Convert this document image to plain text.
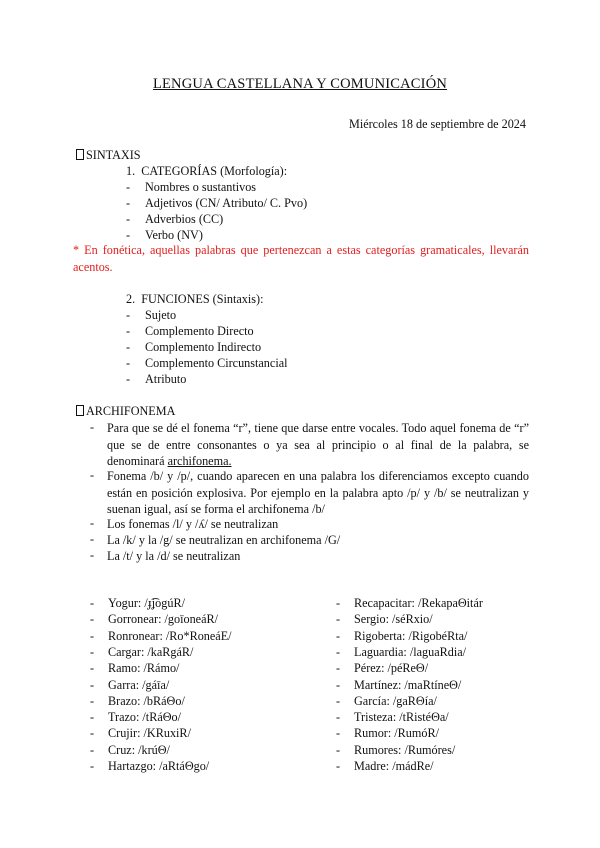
LENGUA CASTELLANA Y COMUNICACIÓN
Miércoles 18 de septiembre de 2024
SINTAXIS
1. CATEGORÍAS (Morfología):
- Nombres o sustantivos
- Adjetivos (CN/ Atributo/ C. Pvo)
- Adverbios (CC)
- Verbo (NV)
* En fonética, aquellas palabras que pertenezcan a estas categorías gramaticales, llevarán acentos.
2. FUNCIONES (Sintaxis):
- Sujeto
- Complemento Directo
- Complemento Indirecto
- Complemento Circunstancial
- Atributo
ARCHIFONEMA
- Para que se dé el fonema “r”, tiene que darse entre vocales. Todo aquel fonema de “r” que se de entre consonantes o ya sea al principio o al final de la palabra, se denominará archifonema.
- Fonema /b/ y /p/, cuando aparecen en una palabra los diferenciamos excepto cuando están en posición explosiva. Por ejemplo en la palabra apto /p/ y /b/ se neutralizan y suenan igual, así se forma el archifonema /b/
- Los fonemas /l/ y /ʎ/ se neutralizan
- La /k/ y la /g/ se neutralizan en archifonema /G/
- La /t/ y la /d/ se neutralizan
- Yogur: /ɟ͡ʝogúR/
- Gorronear: /goīoneáR/
- Ronronear: /Ro*RoneáE/
- Cargar: /kaRgáR/
- Ramo: /Rámo/
- Garra: /gáīa/
- Brazo: /bRáΘo/
- Trazo: /tRáΘo/
- Crujir: /KRuxiR/
- Cruz: /krúΘ/
- Hartazgo: /aRtáΘgo/
- Recapacitar: /RekapaΘitár
- Sergio: /séRxio/
- Rigoberta: /RigobéRta/
- Laguardia: /laguaRdia/
- Pérez: /péReΘ/
- Martínez: /maRtíneΘ/
- García: /gaRΘía/
- Tristeza: /tRistéΘa/
- Rumor: /RumóR/
- Rumores: /Rumóres/
- Madre: /mádRe/
